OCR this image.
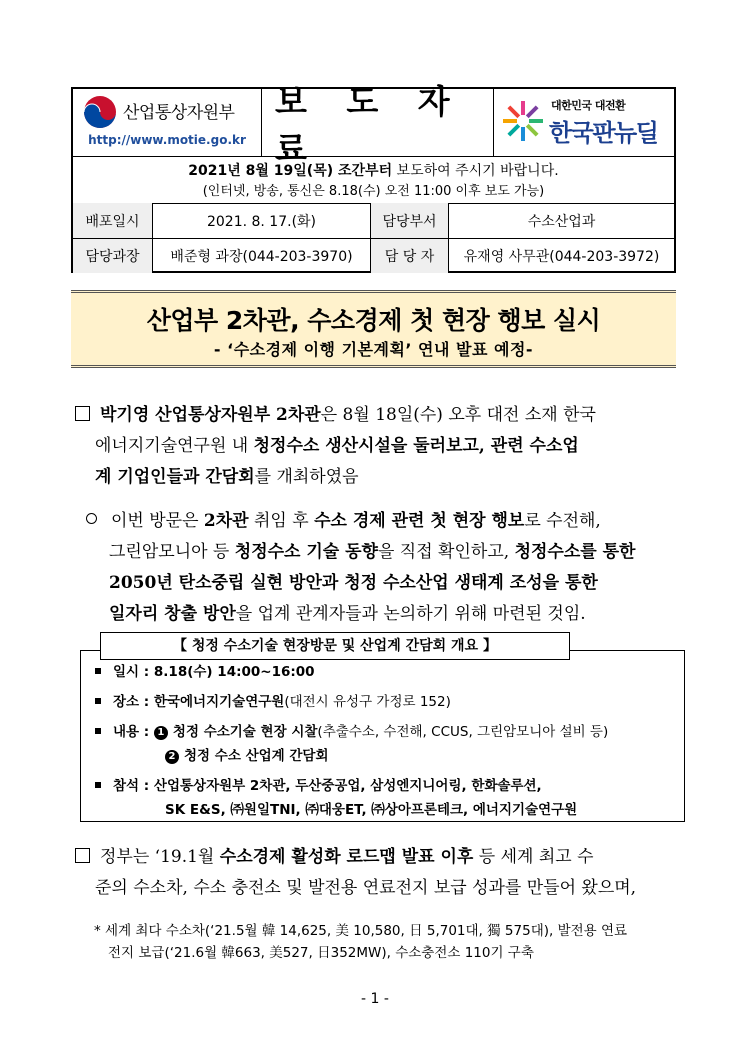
산업통상자원부
http://www.motie.go.kr
보 도 자 료
대한민국 대전환
한국판뉴딜
2021년 8월 19일(목) 조간부터 보도하여 주시기 바랍니다.
(인터넷, 방송, 통신은 8.18(수) 오전 11:00 이후 보도 가능)
배포일시	2021. 8. 17.(화)	담당부서	수소산업과
담당과장	배준형 과장(044-203-3970)	담 당 자	유재영 사무관(044-203-3972)
산업부 2차관, 수소경제 첫 현장 행보 실시
- ‘수소경제 이행 기본계획’ 연내 발표 예정-
박기영 산업통상자원부 2차관은 8월 18일(수) 오후 대전 소재 한국
에너지기술연구원 내 청정수소 생산시설을 둘러보고, 관련 수소업
계 기업인들과 간담회를 개최하였음
이번 방문은 2차관 취임 후 수소 경제 관련 첫 현장 행보로 수전해,
그린암모니아 등 청정수소 기술 동향을 직접 확인하고, 청정수소를 통한
2050년 탄소중립 실현 방안과 청정 수소산업 생태계 조성을 통한
일자리 창출 방안을 업계 관계자들과 논의하기 위해 마련된 것임.
【 청정 수소기술 현장방문 및 산업계 간담회 개요 】
일시 : 8.18(수) 14:00~16:00
장소 : 한국에너지기술연구원(대전시 유성구 가정로 152)
내용 : 1 청정 수소기술 현장 시찰(추출수소, 수전해, CCUS, 그린암모니아 설비 등)
2 청정 수소 산업계 간담회
참석 : 산업통상자원부 2차관, 두산중공업, 삼성엔지니어링, 한화솔루션,
SK E&S, ㈜원일TNI, ㈜대웅ET, ㈜상아프론테크, 에너지기술연구원
정부는 ‘19.1월 수소경제 활성화 로드맵 발표 이후 등 세계 최고 수
준의 수소차, 수소 충전소 및 발전용 연료전지 보급 성과를 만들어 왔으며,
* 세계 최다 수소차(‘21.5월 韓 14,625, 美 10,580, 日 5,701대, 獨 575대), 발전용 연료
전지 보급(‘21.6월 韓663, 美527, 日352MW), 수소충전소 110기 구축
- 1 -
